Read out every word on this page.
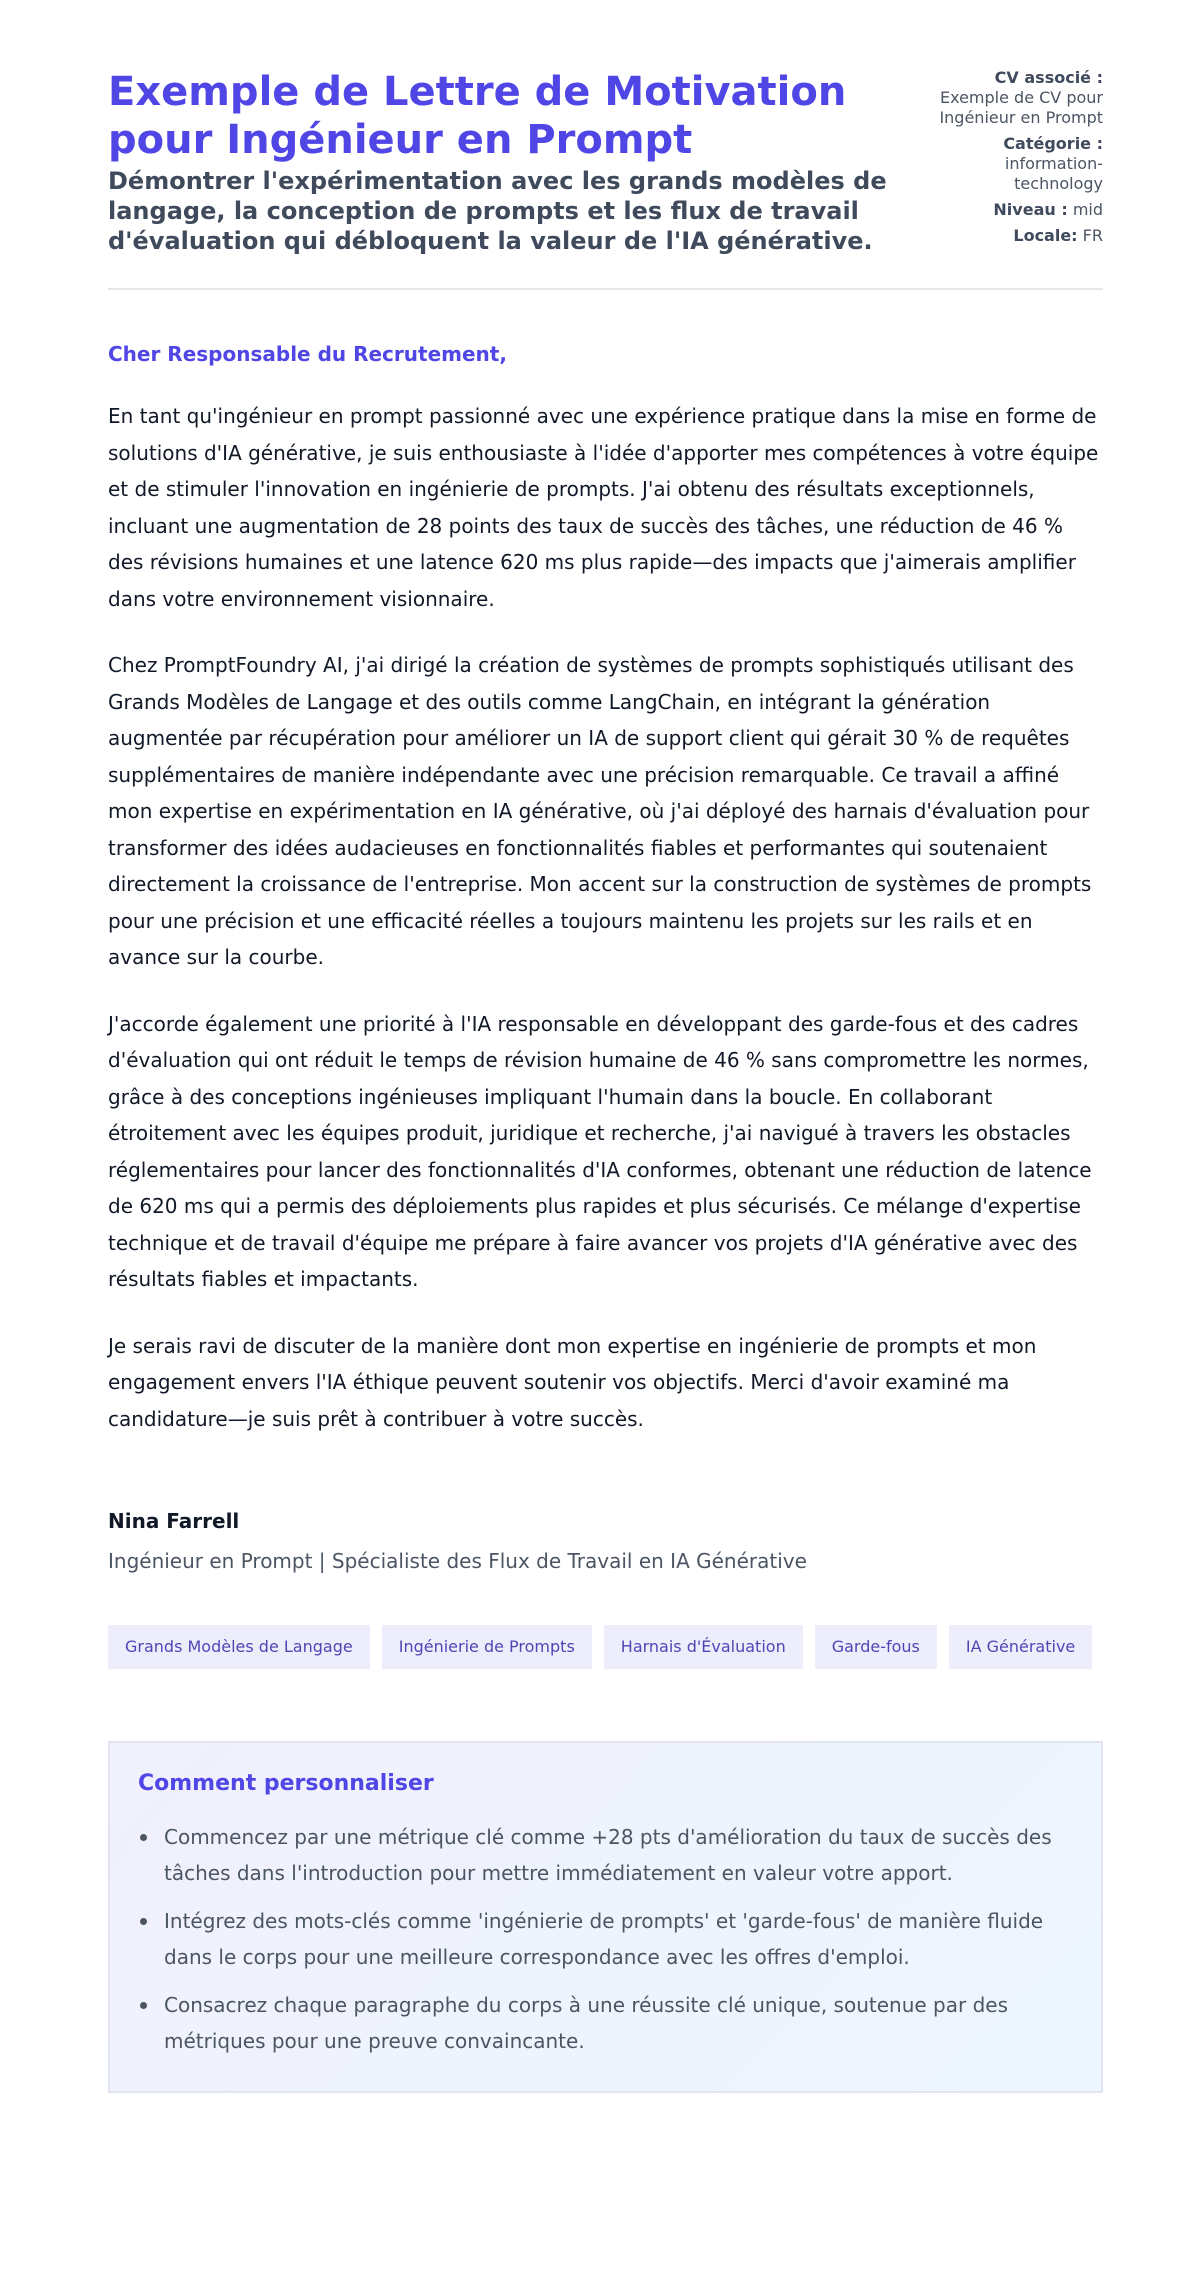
Exemple de Lettre de Motivation pour Ingénieur en Prompt
Démontrer l'expérimentation avec les grands modèles de langage, la conception de prompts et les flux de travail d'évaluation qui débloquent la valeur de l'IA générative.
CV associé :
Exemple de CV pour Ingénieur en Prompt
Catégorie :
information-technology
Niveau : mid
Locale: FR

Cher Responsable du Recrutement,

En tant qu'ingénieur en prompt passionné avec une expérience pratique dans la mise en forme de solutions d'IA générative, je suis enthousiaste à l'idée d'apporter mes compétences à votre équipe et de stimuler l'innovation en ingénierie de prompts. J'ai obtenu des résultats exceptionnels, incluant une augmentation de 28 points des taux de succès des tâches, une réduction de 46 % des révisions humaines et une latence 620 ms plus rapide—des impacts que j'aimerais amplifier dans votre environnement visionnaire.

Chez PromptFoundry AI, j'ai dirigé la création de systèmes de prompts sophistiqués utilisant des Grands Modèles de Langage et des outils comme LangChain, en intégrant la génération augmentée par récupération pour améliorer un IA de support client qui gérait 30 % de requêtes supplémentaires de manière indépendante avec une précision remarquable. Ce travail a affiné mon expertise en expérimentation en IA générative, où j'ai déployé des harnais d'évaluation pour transformer des idées audacieuses en fonctionnalités fiables et performantes qui soutenaient directement la croissance de l'entreprise. Mon accent sur la construction de systèmes de prompts pour une précision et une efficacité réelles a toujours maintenu les projets sur les rails et en avance sur la courbe.

J'accorde également une priorité à l'IA responsable en développant des garde-fous et des cadres d'évaluation qui ont réduit le temps de révision humaine de 46 % sans compromettre les normes, grâce à des conceptions ingénieuses impliquant l'humain dans la boucle. En collaborant étroitement avec les équipes produit, juridique et recherche, j'ai navigué à travers les obstacles réglementaires pour lancer des fonctionnalités d'IA conformes, obtenant une réduction de latence de 620 ms qui a permis des déploiements plus rapides et plus sécurisés. Ce mélange d'expertise technique et de travail d'équipe me prépare à faire avancer vos projets d'IA générative avec des résultats fiables et impactants.

Je serais ravi de discuter de la manière dont mon expertise en ingénierie de prompts et mon engagement envers l'IA éthique peuvent soutenir vos objectifs. Merci d'avoir examiné ma candidature—je suis prêt à contribuer à votre succès.

Nina Farrell
Ingénieur en Prompt | Spécialiste des Flux de Travail en IA Générative
Grands Modèles de Langage	Ingénierie de Prompts	Harnais d'Évaluation	Garde-fous	IA Générative
Comment personnaliser
Commencez par une métrique clé comme +28 pts d'amélioration du taux de succès des tâches dans l'introduction pour mettre immédiatement en valeur votre apport.
Intégrez des mots-clés comme 'ingénierie de prompts' et 'garde-fous' de manière fluide dans le corps pour une meilleure correspondance avec les offres d'emploi.
Consacrez chaque paragraphe du corps à une réussite clé unique, soutenue par des métriques pour une preuve convaincante.
